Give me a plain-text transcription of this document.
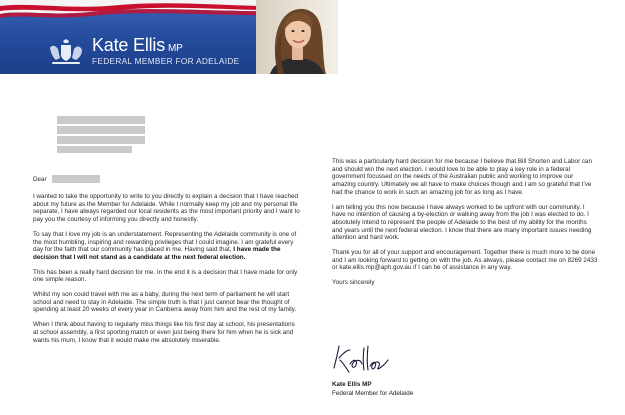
Kate Ellis MP
FEDERAL MEMBER FOR ADELAIDE
Dear

I wanted to take the opportunity to write to you directly to explain a decision that I have reached about my future as the Member for Adelaide. While I normally keep my job and my personal life separate, I have always regarded our local residents as the most important priority and I want to pay you the courtesy of informing you directly and honestly.

To say that I love my job is an understatement. Representing the Adelaide community is one of the most humbling, inspiring and rewarding privileges that I could imagine. I am grateful every day for the faith that our community has placed in me. Having said that, I have made the decision that I will not stand as a candidate at the next federal election.

This has been a really hard decision for me. In the end it is a decision that I have made for only one simple reason.

Whilst my son could travel with me as a baby, during the next term of parliament he will start school and need to stay in Adelaide. The simple truth is that I just cannot bear the thought of spending at least 20 weeks of every year in Canberra away from him and the rest of my family.

When I think about having to regularly miss things like his first day at school, his presentations at school assembly, a first sporting match or even just being there for him when he is sick and wants his mum, I know that it would make me absolutely miserable.

This was a particularly hard decision for me because I believe that Bill Shorten and Labor can and should win the next election. I would love to be able to play a key role in a federal government focussed on the needs of the Australian public and working to improve our amazing country. Ultimately we all have to make choices though and I am so grateful that I've had the chance to work in such an amazing job for as long as I have.

I am telling you this now because I have always worked to be upfront with our community. I have no intention of causing a by-election or walking away from the job I was elected to do. I absolutely intend to represent the people of Adelaide to the best of my ability for the months and years until the next federal election. I know that there are many important issues needing attention and hard work.

Thank you for all of your support and encouragement. Together there is much more to be done and I am looking forward to getting on with the job. As always, please contact me on 8269 2433 or kate.ellis.mp@aph.gov.au if I can be of assistance in any way.

Yours sincerely

Kate Ellis MP
Federal Member for Adelaide
